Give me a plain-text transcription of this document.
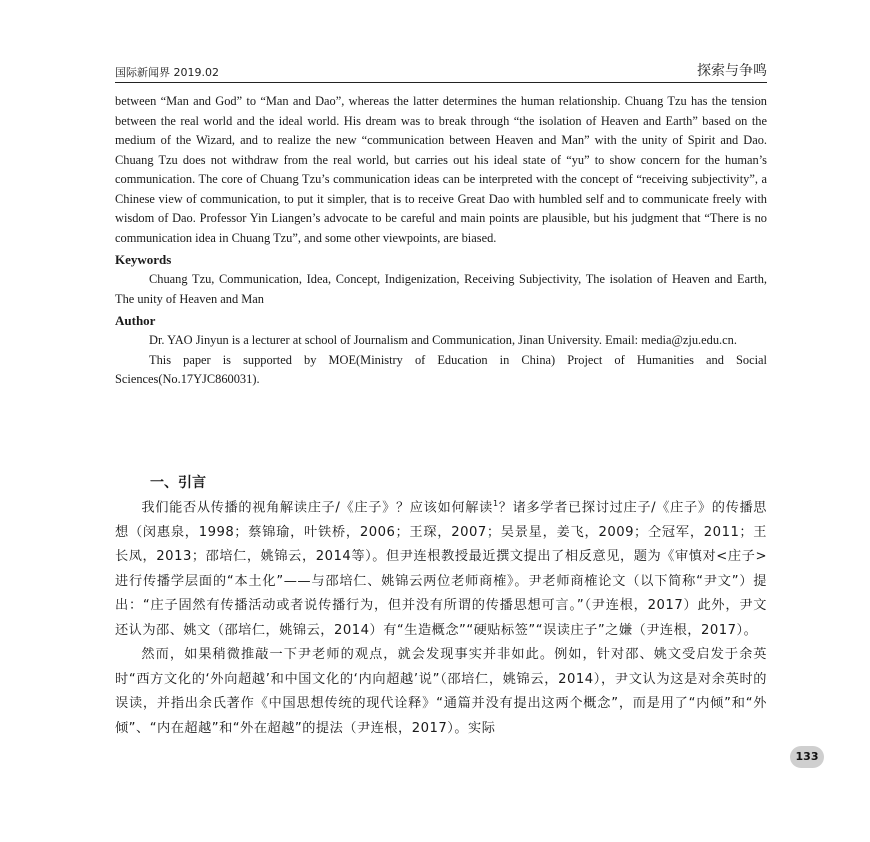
国际新闻界 2019.02	探索与争鸣

between “Man and God” to “Man and Dao”, whereas the latter determines the human relationship. Chuang Tzu has the tension between the real world and the ideal world. His dream was to break through “the isolation of Heaven and Earth” based on the medium of the Wizard, and to realize the new “communication between Heaven and Man” with the unity of Spirit and Dao. Chuang Tzu does not withdraw from the real world, but carries out his ideal state of “yu” to show concern for the human’s communication. The core of Chuang Tzu’s communication ideas can be interpreted with the concept of “receiving subjectivity”, a Chinese view of communication, to put it simpler, that is to receive Great Dao with humbled self and to communicate freely with wisdom of Dao. Professor Yin Liangen’s advocate to be careful and main points are plausible, but his judgment that “There is no communication idea in Chuang Tzu”, and some other viewpoints, are biased.

Keywords

Chuang Tzu, Communication, Idea, Concept, Indigenization, Receiving Subjectivity, The isolation of Heaven and Earth, The unity of Heaven and Man

Author

Dr. YAO Jinyun is a lecturer at school of Journalism and Communication, Jinan University. Email: media@zju.edu.cn.

This paper is supported by MOE(Ministry of Education in China) Project of Humanities and Social Sciences(No.17YJC860031).

一、引言

我们能否从传播的视角解读庄子/《庄子》？应该如何解读$^1$？诸多学者已探讨过庄子/《庄子》的传播思想（闵惠泉，1998；蔡锦瑜，叶铁桥，2006；王琛，2007；吴景星，姜飞，2009；仝冠军，2011；王长凤，2013；邵培仁，姚锦云，2014等）。但尹连根教授最近撰文提出了相反意见，题为《审慎对<庄子>进行传播学层面的“本土化”——与邵培仁、姚锦云两位老师商榷》。尹老师商榷论文（以下简称“尹文”）提出：“庄子固然有传播活动或者说传播行为，但并没有所谓的传播思想可言。”（尹连根，2017）此外，尹文还认为邵、姚文（邵培仁，姚锦云，2014）有“生造概念”“硬贴标签”“误读庄子”之嫌（尹连根，2017）。

然而，如果稍微推敲一下尹老师的观点，就会发现事实并非如此。例如，针对邵、姚文受启发于余英时“西方文化的‘外向超越’和中国文化的‘内向超越’说”（邵培仁，姚锦云，2014），尹文认为这是对余英时的误读，并指出余氏著作《中国思想传统的现代诠释》“通篇并没有提出这两个概念”，而是用了“内倾”和“外倾”、“内在超越”和“外在超越”的提法（尹连根，2017）。实际

133
